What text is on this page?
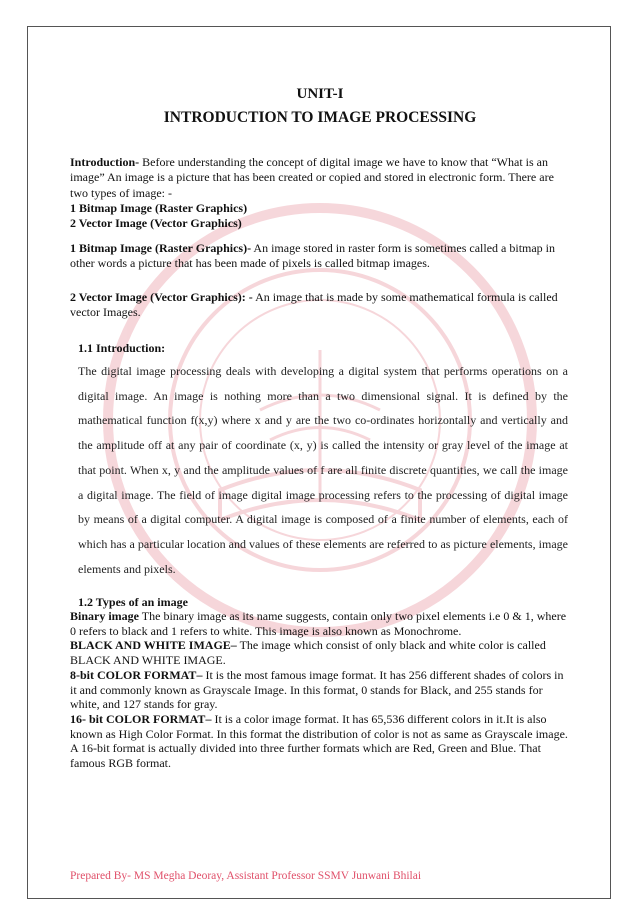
UNIT-I
INTRODUCTION TO IMAGE PROCESSING
Introduction- Before understanding the concept of digital image we have to know that “What is an image” An image is a picture that has been created or copied and stored in electronic form. There are two types of image: -
1 Bitmap Image (Raster Graphics)
2 Vector Image (Vector Graphics)
1 Bitmap Image (Raster Graphics)- An image stored in raster form is sometimes called a bitmap in other words a picture that has been made of pixels is called bitmap images.
2 Vector Image (Vector Graphics): - An image that is made by some mathematical formula is called vector Images.
1.1 Introduction:
The digital image processing deals with developing a digital system that performs operations on a digital image. An image is nothing more than a two dimensional signal. It is defined by the mathematical function f(x,y) where x and y are the two co-ordinates horizontally and vertically and the amplitude off at any pair of coordinate (x, y) is called the intensity or gray level of the image at that point. When x, y and the amplitude values of f are all finite discrete quantities, we call the image a digital image. The field of image digital image processing refers to the processing of digital image by means of a digital computer. A digital image is composed of a finite number of elements, each of which has a particular location and values of these elements are referred to as picture elements, image elements and pixels.
1.2 Types of an image

Binary image The binary image as its name suggests, contain only two pixel elements i.e 0 & 1, where 0 refers to black and 1 refers to white. This image is also known as Monochrome.

BLACK AND WHITE IMAGE– The image which consist of only black and white color is called BLACK AND WHITE IMAGE.

8-bit COLOR FORMAT– It is the most famous image format. It has 256 different shades of colors in it and commonly known as Grayscale Image. In this format, 0 stands for Black, and 255 stands for white, and 127 stands for gray.

16- bit COLOR FORMAT– It is a color image format. It has 65,536 different colors in it.It is also known as High Color Format. In this format the distribution of color is not as same as Grayscale image.

A 16-bit format is actually divided into three further formats which are Red, Green and Blue. That famous RGB format.

Prepared By- MS Megha Deoray, Assistant Professor SSMV Junwani Bhilai
